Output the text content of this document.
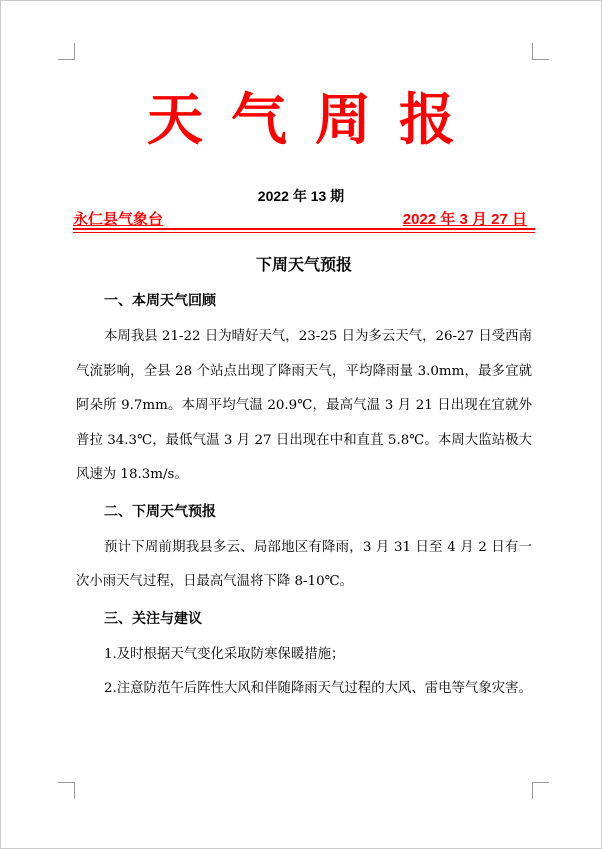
天气周报
2022 年 13 期
永仁县气象台	2022 年 3 月 27 日
下周天气预报
一、本周天气回顾

本周我县 21-22 日为晴好天气，23-25 日为多云天气，26-27 日受西南气流影响，全县 28 个站点出现了降雨天气，平均降雨量 3.0mm，最多宜就阿朵所 9.7mm。本周平均气温 20.9℃，最高气温 3 月 21 日出现在宜就外普拉 34.3℃，最低气温 3 月 27 日出现在中和直苴 5.8℃。本周大监站极大风速为 18.3m/s。

二、下周天气预报

预计下周前期我县多云、局部地区有降雨，3 月 31 日至 4 月 2 日有一次小雨天气过程，日最高气温将下降 8-10℃。

三、关注与建议

1.及时根据天气变化采取防寒保暖措施；

2.注意防范午后阵性大风和伴随降雨天气过程的大风、雷电等气象灾害。
